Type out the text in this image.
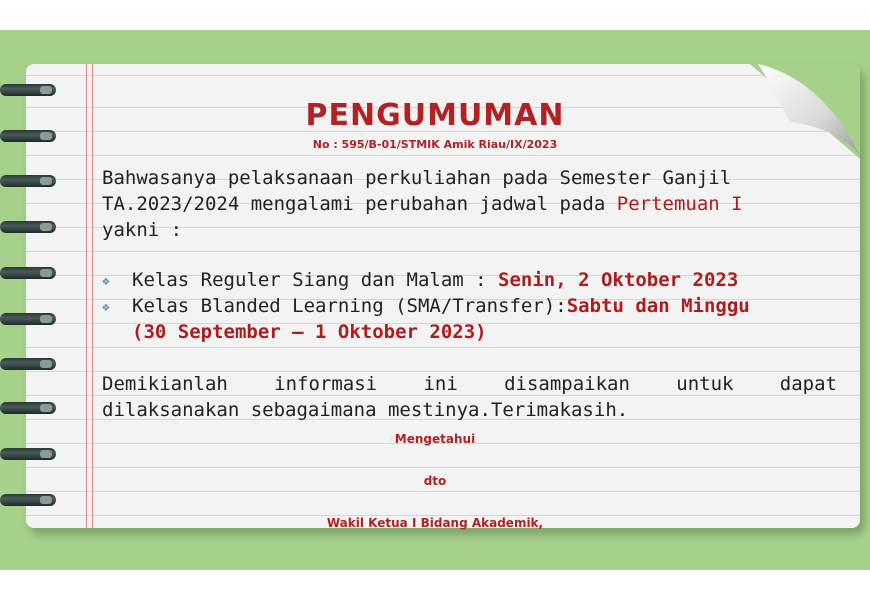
PENGUMUMAN
No : 595/B-01/STMIK Amik Riau/IX/2023
Bahwasanya pelaksanaan perkuliahan pada Semester Ganjil
TA.2023/2024 mengalami perubahan jadwal pada Pertemuan I
yakni :
❖ Kelas Reguler Siang dan Malam : Senin, 2 Oktober 2023
❖ Kelas Blanded Learning (SMA/Transfer):Sabtu dan Minggu
(30 September – 1 Oktober 2023)
Demikianlah informasi ini disampaikan untuk dapat
dilaksanakan sebagaimana mestinya.Terimakasih.
Mengetahui
dto
Wakil Ketua I Bidang Akademik,
